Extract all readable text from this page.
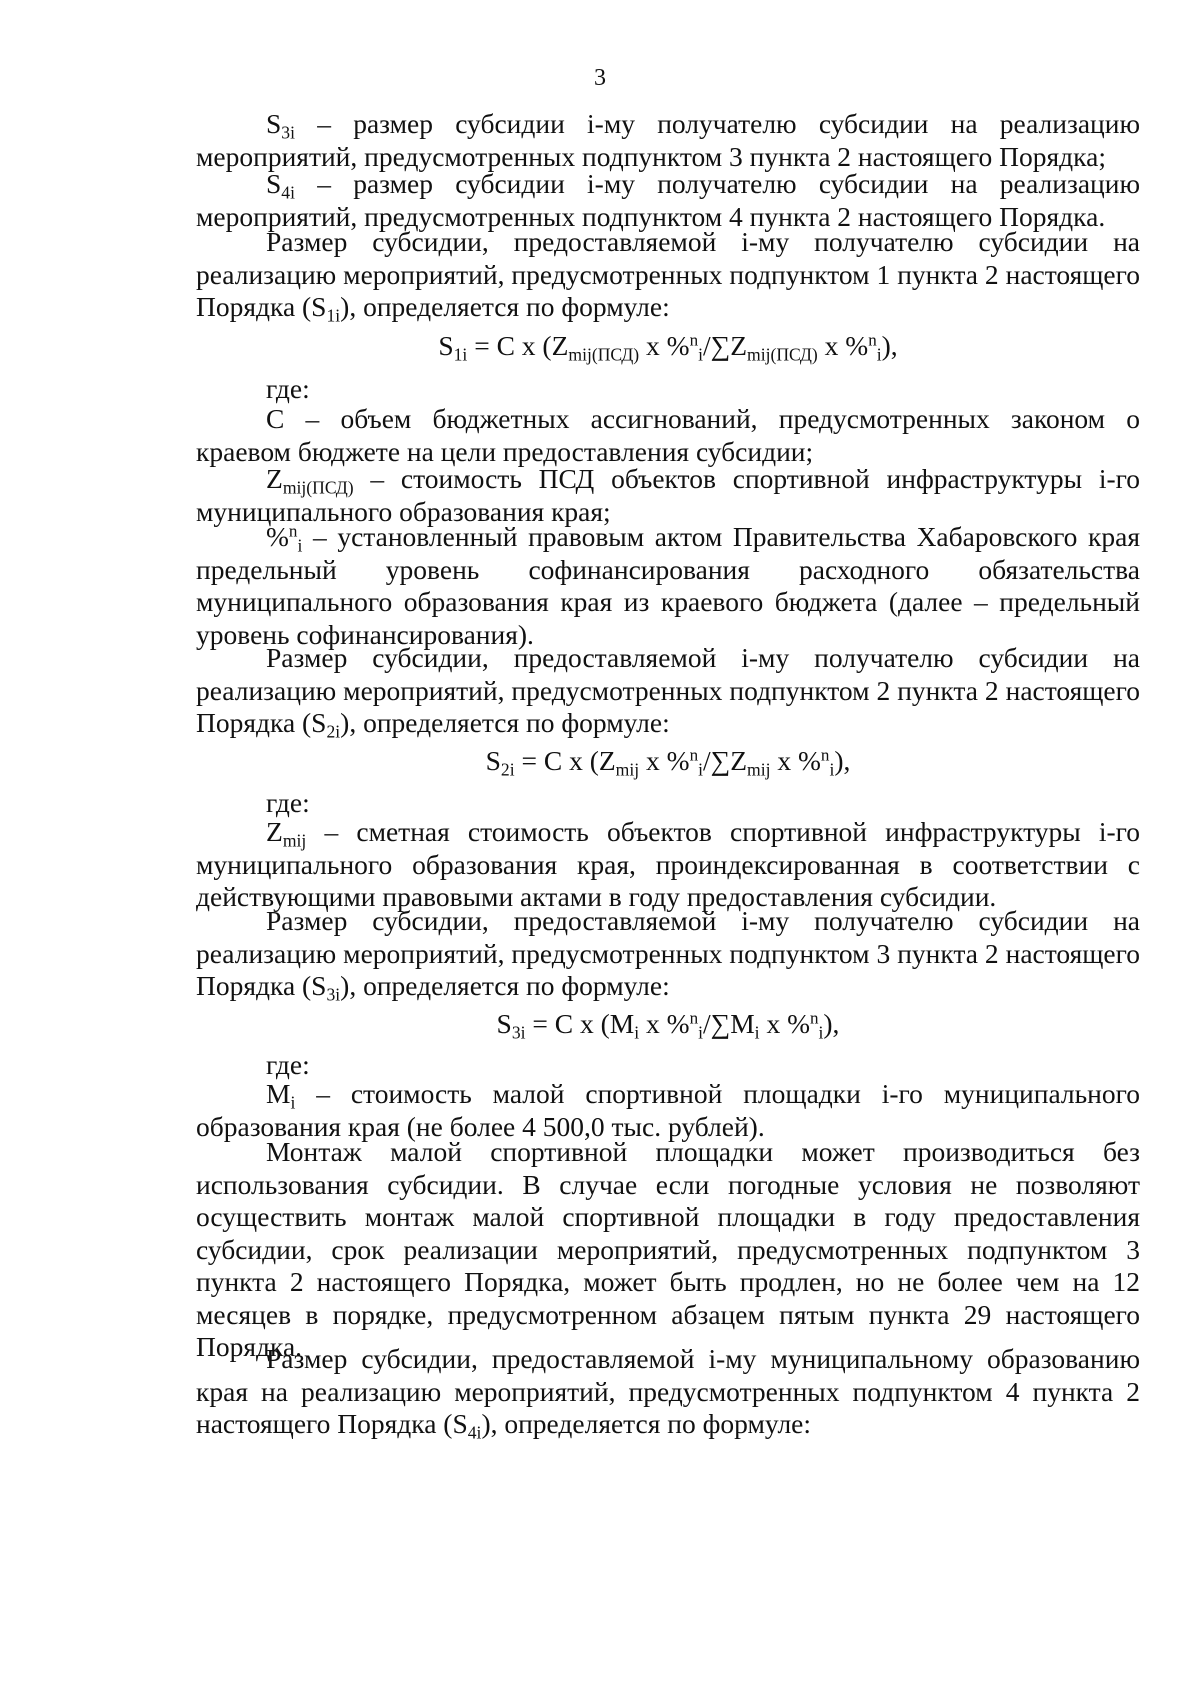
3

$S_{3i}$ – размер субсидии i-му получателю субсидии на реализацию мероприятий, предусмотренных подпунктом 3 пункта 2 настоящего Порядка;

$S_{4i}$ – размер субсидии i-му получателю субсидии на реализацию мероприятий, предусмотренных подпунктом 4 пункта 2 настоящего Порядка.

Размер субсидии, предоставляемой i-му получателю субсидии на реализацию мероприятий, предусмотренных подпунктом 1 пункта 2 настоящего Порядка $(S_{1i})$, определяется по формуле:

$S_{1i} = С$ x ($Z_{mij(ПСД)}$ x $\%^n_i/\sum Z_{mij(ПСД)}$ x %$^n_i$),
где:

С – объем бюджетных ассигнований, предусмотренных законом о краевом бюджете на цели предоставления субсидии;

$Z_{mij(ПСД)}$ – стоимость ПСД объектов спортивной инфраструктуры i-го муниципального образования края;

%$^n_i$ – установленный правовым актом Правительства Хабаровского края предельный уровень софинансирования расходного обязательства муниципального образования края из краевого бюджета (далее – предельный уровень софинансирования).

Размер субсидии, предоставляемой i-му получателю субсидии на реализацию мероприятий, предусмотренных подпунктом 2 пункта 2 настоящего Порядка $(S_{2i})$, определяется по формуле:

$S_{2i} = С$ x ($Z_{mij}$ x $\%^n_i/\sum Z_{mij}$ x %$^n_i$),
где:

$Z_{mij}$ – сметная стоимость объектов спортивной инфраструктуры i-го муниципального образования края, проиндексированная в соответствии с действующими правовыми актами в году предоставления субсидии.

Размер субсидии, предоставляемой i-му получателю субсидии на реализацию мероприятий, предусмотренных подпунктом 3 пункта 2 настоящего Порядка $(S_{3i})$, определяется по формуле:

$S_{3i} = С$ x ($M_i$ x $\%^n_i/\sum M_i$ x %$^n_i$),
где:

$M_i$ – стоимость малой спортивной площадки i-го муниципального образования края (не более 4 500,0 тыс. рублей).

Монтаж малой спортивной площадки может производиться без использования субсидии. В случае если погодные условия не позволяют осуществить монтаж малой спортивной площадки в году предоставления субсидии, срок реализации мероприятий, предусмотренных подпунктом 3 пункта 2 настоящего Порядка, может быть продлен, но не более чем на 12 месяцев в порядке, предусмотренном абзацем пятым пункта 29 настоящего Порядка.

Размер субсидии, предоставляемой i-му муниципальному образованию края на реализацию мероприятий, предусмотренных подпунктом 4 пункта 2 настоящего Порядка $(S_{4i})$, определяется по формуле:
